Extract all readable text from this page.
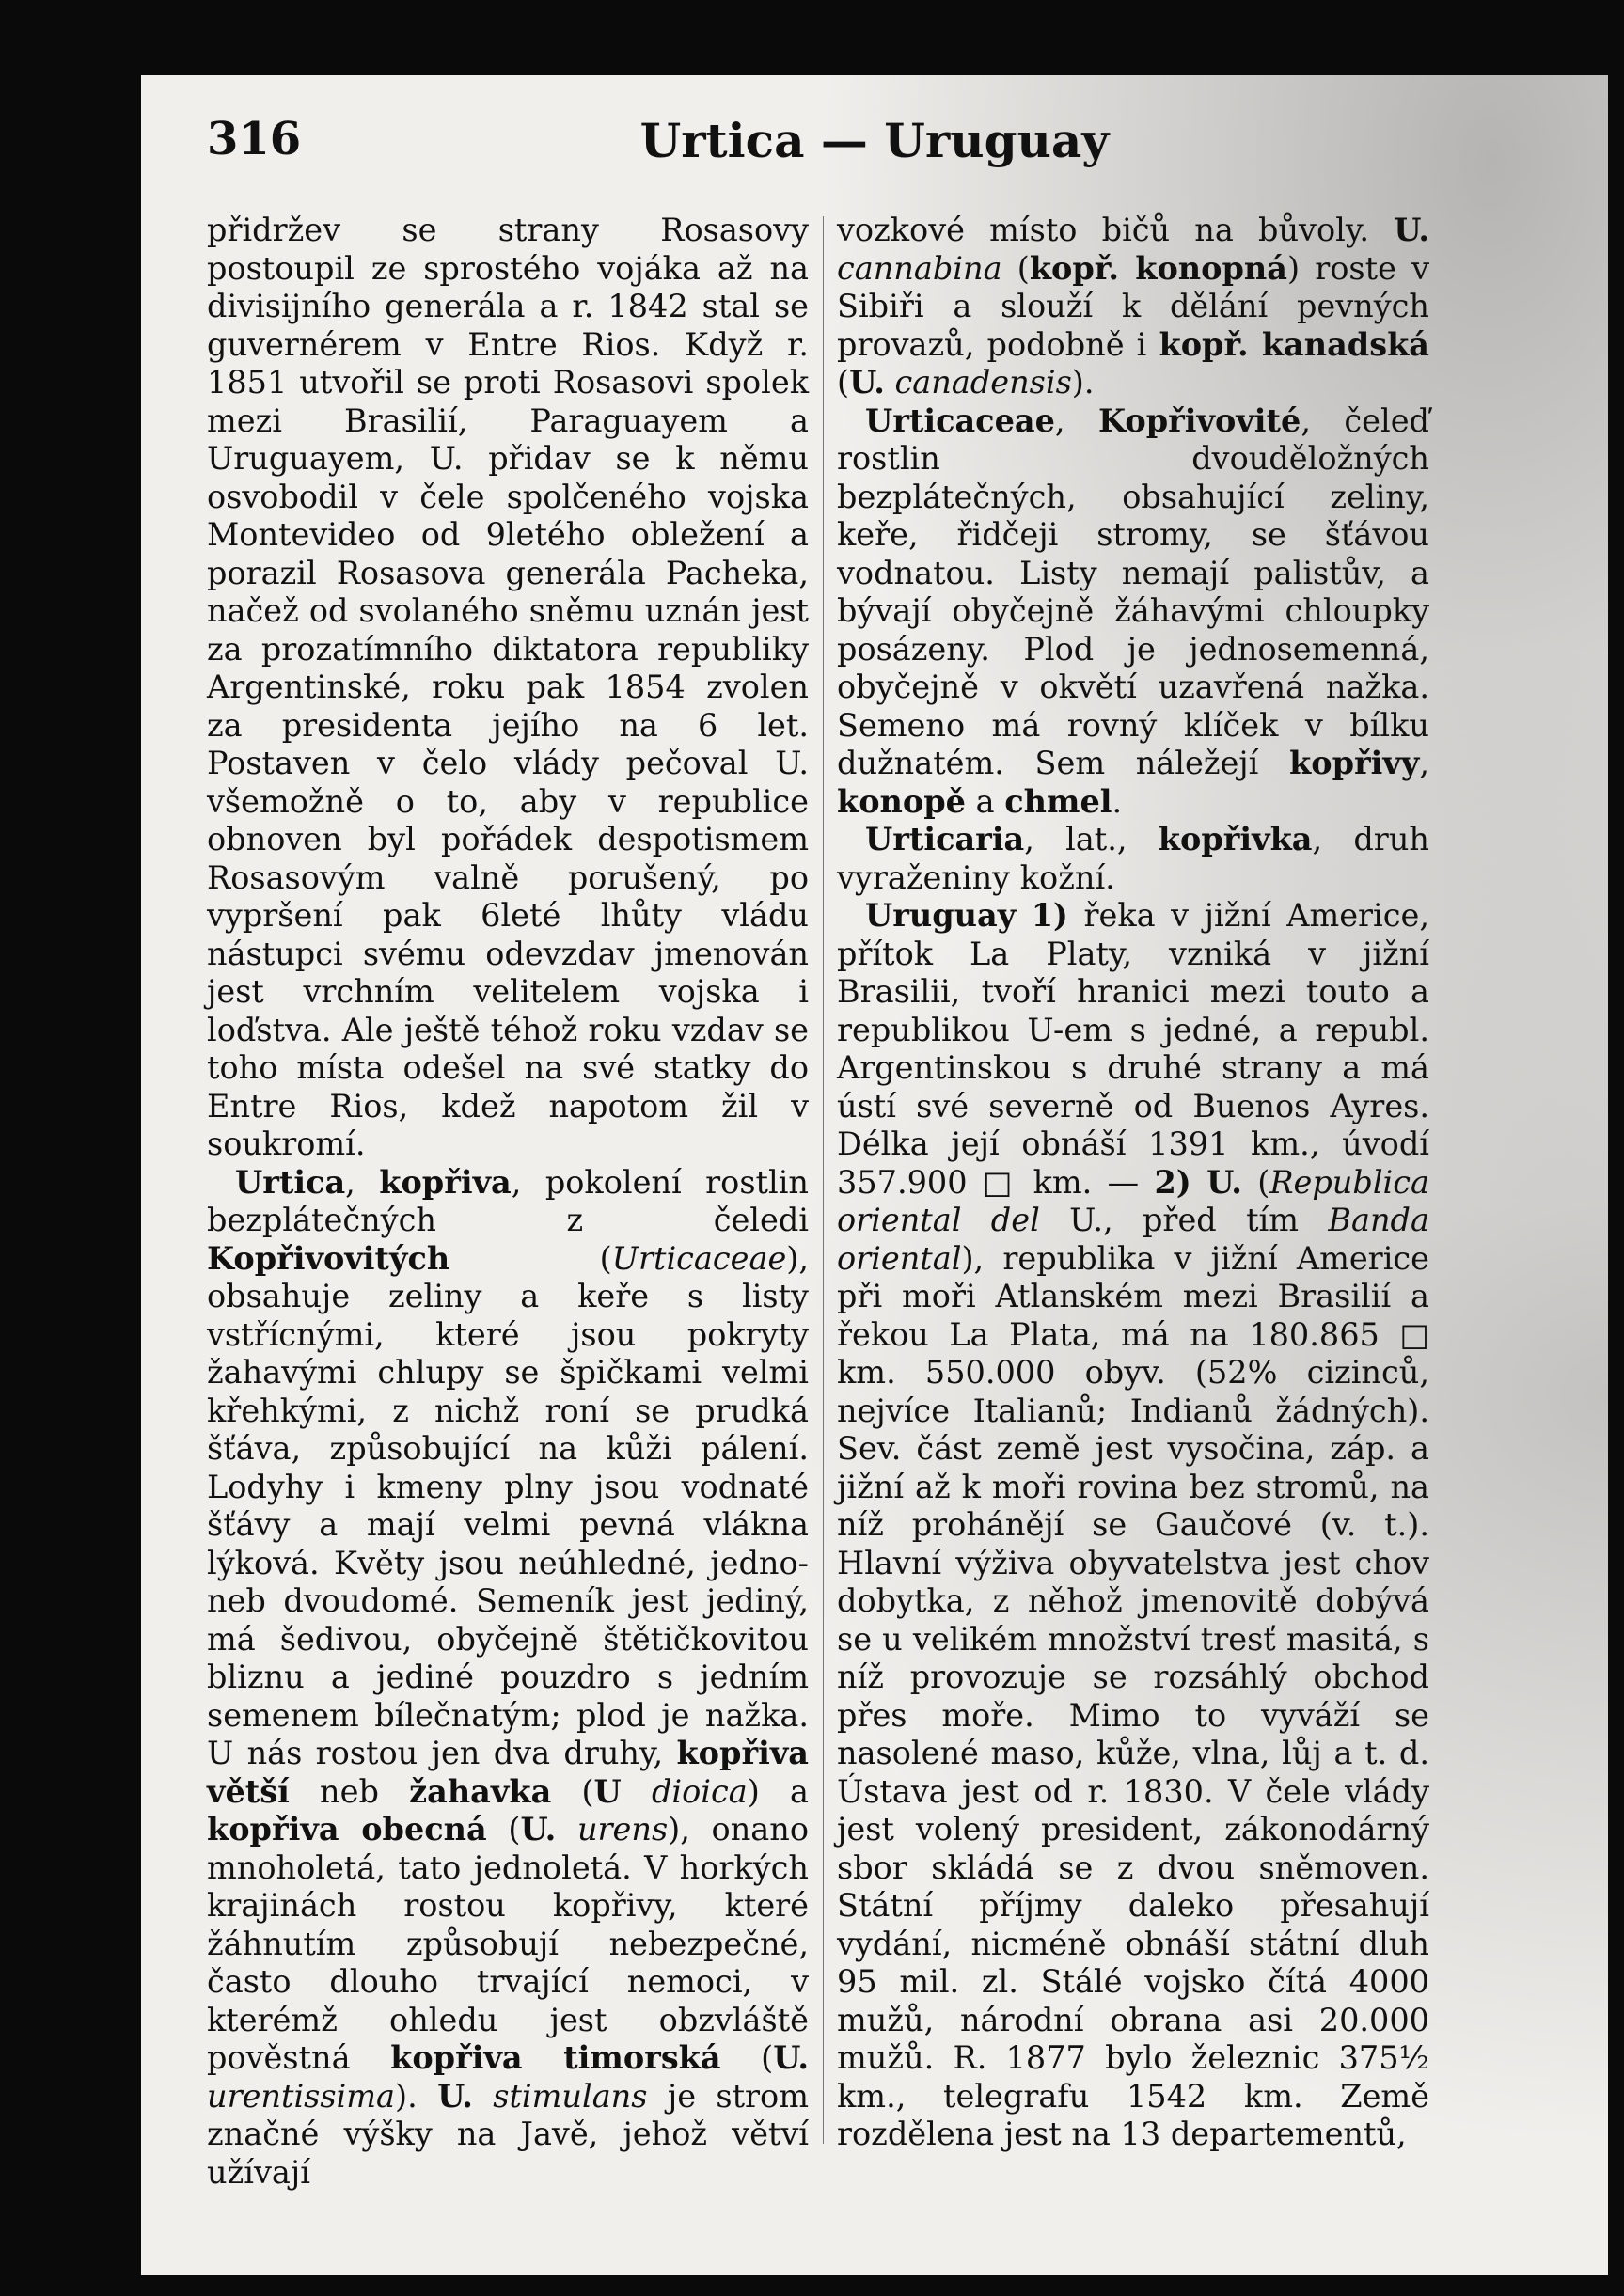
316	Urtica — Uruguay

přidržev se strany Rosasovy postoupil ze sprostého vojáka až na divisijního generála a r. 1842 stal se guvernérem v Entre Rios. Když r. 1851 utvořil se proti Rosasovi spolek mezi Brasilií, Paraguayem a Uruguayem, U. přidav se k němu osvobodil v čele spolčeného vojska Montevideo od 9letého obležení a porazil Rosasova generála Pacheka, načež od svolaného sněmu uznán jest za prozatímního diktatora republiky Argentinské, roku pak 1854 zvolen za presidenta jejího na 6 let. Postaven v čelo vlády pečoval U. všemožně o to, aby v republice obnoven byl pořádek despotismem Rosasovým valně porušený, po vypršení pak 6leté lhůty vládu nástupci svému odevzdav jmenován jest vrchním velitelem vojska i loďstva. Ale ještě téhož roku vzdav se toho místa odešel na své statky do Entre Rios, kdež napotom žil v soukromí.

Urtica, kopřiva, pokolení rostlin bezplátečných z čeledi Kopřivovitých (Urticaceae), obsahuje zeliny a keře s listy vstřícnými, které jsou pokryty žahavými chlupy se špičkami velmi křehkými, z nichž roní se prudká šťáva, způsobující na kůži pálení. Lodyhy i kmeny plny jsou vodnaté šťávy a mají velmi pevná vlákna lýková. Květy jsou neúhledné, jedno- neb dvoudomé. Semeník jest jediný, má šedivou, obyčejně štětičkovitou bliznu a jediné pouzdro s jedním semenem bílečnatým; plod je nažka. U nás rostou jen dva druhy, kopřiva větší neb žahavka (U dioica) a kopřiva obecná (U. urens), onano mnoholetá, tato jednoletá. V horkých krajinách rostou kopřivy, které žáhnutím způsobují nebezpečné, často dlouho trvající nemoci, v kterémž ohledu jest obzvláště pověstná kopřiva timorská (U. urentissima). U. stimulans je strom značné výšky na Javě, jehož větví užívají

vozkové místo bičů na bůvoly. U. cannabina (kopř. konopná) roste v Sibiři a slouží k dělání pevných provazů, podobně i kopř. kanadská (U. canadensis).

Urticaceae, Kopřivovité, čeleď rostlin dvouděložných bezplátečných, obsahující zeliny, keře, řidčeji stromy, se šťávou vodnatou. Listy nemají palistův, a bývají obyčejně žáhavými chloupky posázeny. Plod je jednosemenná, obyčejně v okvětí uzavřená nažka. Semeno má rovný klíček v bílku dužnatém. Sem náležejí kopřivy, konopě a chmel.

Urticaria, lat., kopřivka, druh vyraženiny kožní.

Uruguay 1) řeka v jižní Americe, přítok La Platy, vzniká v jižní Brasilii, tvoří hranici mezi touto a republikou U-em s jedné, a republ. Argentinskou s druhé strany a má ústí své severně od Buenos Ayres. Délka její obnáší 1391 km., úvodí 357.900 □ km. — 2) U. (Republica oriental del U., před tím Banda oriental), republika v jižní Americe při moři Atlanském mezi Brasilií a řekou La Plata, má na 180.865 □ km. 550.000 obyv. (52% cizinců, nejvíce Italianů; Indianů žádných). Sev. část země jest vysočina, záp. a jižní až k moři rovina bez stromů, na níž prohánějí se Gaučové (v. t.). Hlavní výživa obyvatelstva jest chov dobytka, z něhož jmenovitě dobývá se u velikém množství tresť masitá, s níž provozuje se rozsáhlý obchod přes moře. Mimo to vyváží se nasolené maso, kůže, vlna, lůj a t. d. Ústava jest od r. 1830. V čele vlády jest volený president, zákonodárný sbor skládá se z dvou sněmoven. Státní příjmy daleko přesahují vydání, nicméně obnáší státní dluh 95 mil. zl. Stálé vojsko čítá 4000 mužů, národní obrana asi 20.000 mužů. R. 1877 bylo železnic 375½ km., telegrafu 1542 km. Země rozdělena jest na 13 departementů,
